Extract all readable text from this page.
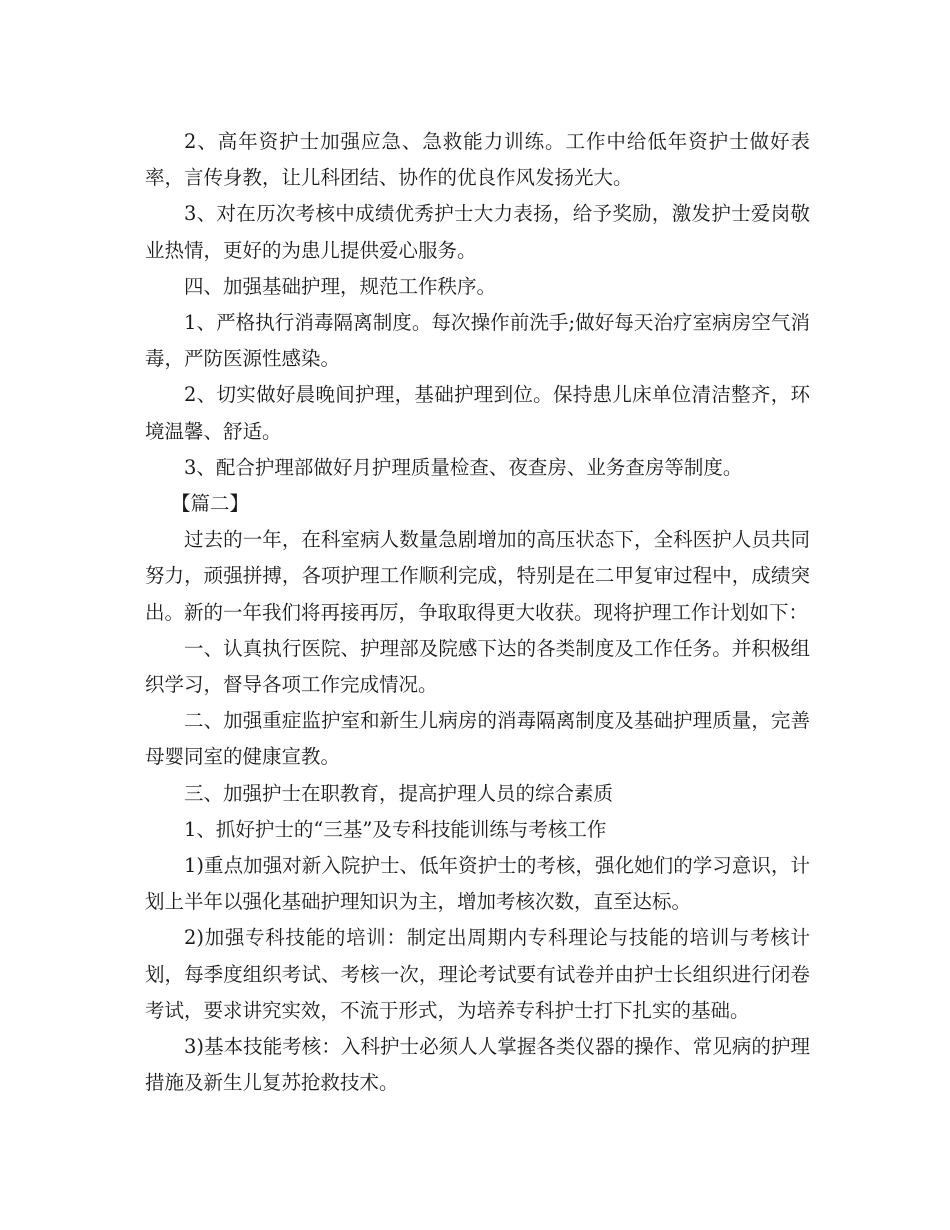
2、高年资护士加强应急、急救能力训练。工作中给低年资护士做好表率，言传身教，让儿科团结、协作的优良作风发扬光大。

3、对在历次考核中成绩优秀护士大力表扬，给予奖励，激发护士爱岗敬业热情，更好的为患儿提供爱心服务。

四、加强基础护理，规范工作秩序。

1、严格执行消毒隔离制度。每次操作前洗手;做好每天治疗室病房空气消毒，严防医源性感染。

2、切实做好晨晚间护理，基础护理到位。保持患儿床单位清洁整齐，环境温馨、舒适。

3、配合护理部做好月护理质量检查、夜查房、业务查房等制度。

【篇二】

过去的一年，在科室病人数量急剧增加的高压状态下，全科医护人员共同努力，顽强拼搏，各项护理工作顺利完成，特别是在二甲复审过程中，成绩突出。新的一年我们将再接再厉，争取取得更大收获。现将护理工作计划如下：

一、认真执行医院、护理部及院感下达的各类制度及工作任务。并积极组织学习，督导各项工作完成情况。

二、加强重症监护室和新生儿病房的消毒隔离制度及基础护理质量，完善母婴同室的健康宣教。

三、加强护士在职教育，提高护理人员的综合素质

1、抓好护士的“三基”及专科技能训练与考核工作

1)重点加强对新入院护士、低年资护士的考核，强化她们的学习意识，计划上半年以强化基础护理知识为主，增加考核次数，直至达标。

2)加强专科技能的培训：制定出周期内专科理论与技能的培训与考核计划，每季度组织考试、考核一次，理论考试要有试卷并由护士长组织进行闭卷考试，要求讲究实效，不流于形式，为培养专科护士打下扎实的基础。

3)基本技能考核：入科护士必须人人掌握各类仪器的操作、常见病的护理措施及新生儿复苏抢救技术。
